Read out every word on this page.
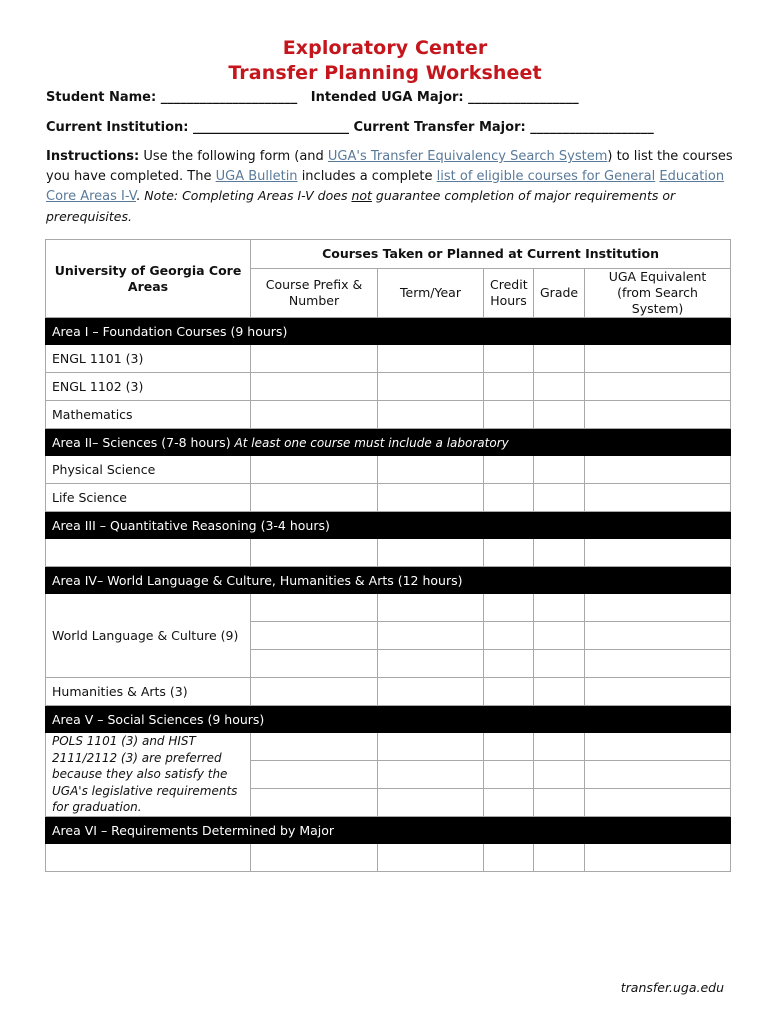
Exploratory Center
Transfer Planning Worksheet
Student Name: _____________________ Intended UGA Major: _________________
Current Institution: ________________________ Current Transfer Major: ___________________
Instructions: Use the following form (and UGA's Transfer Equivalency Search System) to list the courses you have completed. The UGA Bulletin includes a complete list of eligible courses for General Education Core Areas I-V. Note: Completing Areas I-V does not guarantee completion of major requirements or prerequisites.
University of Georgia Core Areas	Courses Taken or Planned at Current Institution				
	Course Prefix & Number	Term/Year	Credit Hours	Grade	UGA Equivalent (from Search System)
Area I – Foundation Courses (9 hours)					
ENGL 1101 (3)					
ENGL 1102 (3)					
Mathematics					
Area II– Sciences (7-8 hours) At least one course must include a laboratory					
Physical Science					
Life Science					
Area III – Quantitative Reasoning (3-4 hours)					

Area IV– World Language & Culture, Humanities & Arts (12 hours)					
World Language & Culture (9)					

Humanities & Arts (3)					
Area V – Social Sciences (9 hours)					
POLS 1101 (3) and HIST 2111/2112 (3) are preferred because they also satisfy the UGA's legislative requirements for graduation.					

Area VI – Requirements Determined by Major					

transfer.uga.edu
